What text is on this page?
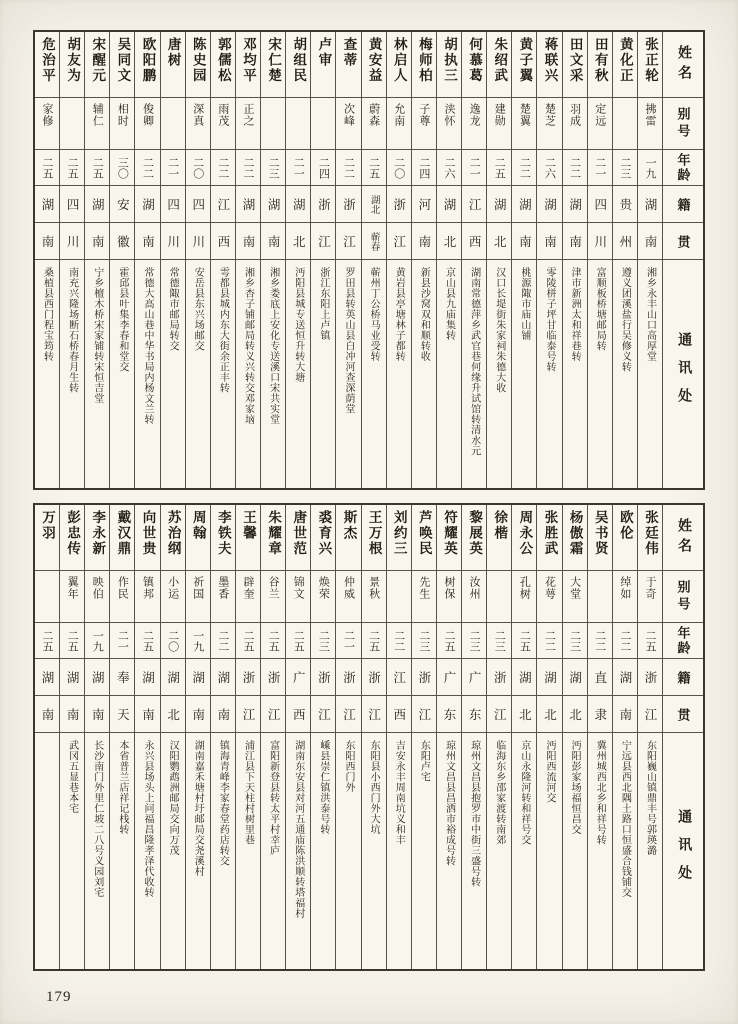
姓名
别号
年龄
籍
贯
通讯处
张正轮
拂雷
一九
湖
南
湘乡永丰山口高厚堂
黄化正
二三
贵
州
遵义团溪盐行吴修义转
田有秋
定远
二一
四
川
富顺板桥塘邮局转
田文采
羽成
二二
湖
南
津市新洲太和祥巷转
蒋联兴
楚芝
二六
湖
南
零陵栟子坪甘临泰号转
黄子翼
楚翼
二二
湖
南
桃源陬市庙山铺
朱绍武
建勋
二五
湖
北
汉口长堤街朱家祠朱德大收
何慕葛
逸龙
二一
江
西
湖南常德萍乡武官巷何缘升试馆转清水元
胡执三
浃怀
二六
湖
北
京山县九庙集转
梅师柏
子尊
二四
河
南
新县沙窝双和顺转收
林启人
允南
二〇
浙
江
黄岩县亭塘林子都转
黄安益
蔚森
二五
湖北
蕲春
蕲州丁公桥马业受转
查蒂
次峰
二二
浙
江
罗田县转英山县白冲河查深荫堂
卢审
二四
浙
江
浙江东阳上卢镇
胡组民
二一
湖
北
沔阳县城专送恒升转大塘
宋仁楚
二三
湖
南
湘乡娄底上安化专送溪口宋共实堂
邓均平
正之
二二
湖
南
湘乡杏子铺邮局转义兴转交邓家垴
郭儒松
雨茂
二二
江
西
雩都县城内东大街余正丰转
陈史园
深真
二〇
四
川
安岳县东兴场邮交
唐树
二一
四
川
常德陬市邮局转交
欧阳鹏
俊卿
二二
湖
南
常德大高山巷中华书局内杨文兰转
吴同文
相时
三〇
安
徽
霍邱县叶集李春和堂交
宋醒元
辅仁
二五
湖
南
宁乡檀木桥宋家铺转宋恒吉堂
胡友为
二五
四
川
南充兴隆场断石桥春月生转
危治平
家修
二五
湖
南
桑植县西门程宝筠转
姓名
别号
年龄
籍
贯
通讯处
张廷伟
于奇
二五
浙
江
东阳巍山镇鼎丰号郭瑛潞
欧伦
绰如
二二
湖
南
宁远县西北隅土路口恒盛合钱铺交
吴书贤
二二
直
隶
冀州城西北乡和祥号转
杨傲霜
大堂
二三
湖
北
沔阳彭家场福恒昌交
张胜武
花萼
二二
湖
北
沔阳西流河交
周永公
孔树
二五
湖
北
京山永隆河转和祥号交
徐楷
二三
浙
江
临海东乡邵家渡转南郊
黎展英
汝州
二三
广
东
琼州文昌县抱罗市中街三盛号转
符耀英
树保
二五
广
东
琼州文昌县昌洒市裕成号转
芦唤民
先生
二三
浙
江
东阳卢宅
刘约三
二二
江
西
吉安永丰周南坑义和丰
王万根
景秋
二五
浙
江
东阳县小西门外大坑
斯杰
仲威
二一
浙
江
东阳西门外
裘育兴
焕荣
二三
浙
江
嵊县崇仁镇洪泰号转
唐世范
锦文
二五
广
西
湖南东安县对河五通庙陈洪顺转塔福村
朱耀章
谷兰
二五
浙
江
富阳新登县转太平村幸庐
王馨
辟奎
二五
浙
江
浦江县下天柱村树里巷
李铁夫
墨香
二二
湖
南
镇海青峰李家春堂药店转交
周翰
祈国
一九
湖
南
湖南嘉禾塘村圩邮局交尧溪村
苏治纲
小运
二〇
湖
北
汉阳鹦鹉洲邮局交向万茂
向世贵
镇邦
二五
湖
南
永兴县场头上问福昌隆孝泽代收转
戴汉鼎
作民
二一
奉
天
本省普兰店祥记栈转
李永新
映伯
一九
湖
南
长沙南门外里仁坡二八号义园刘宅
彭忠传
翼年
二五
湖
南
武冈五显巷本宅
万羽
二五
湖
南
179
